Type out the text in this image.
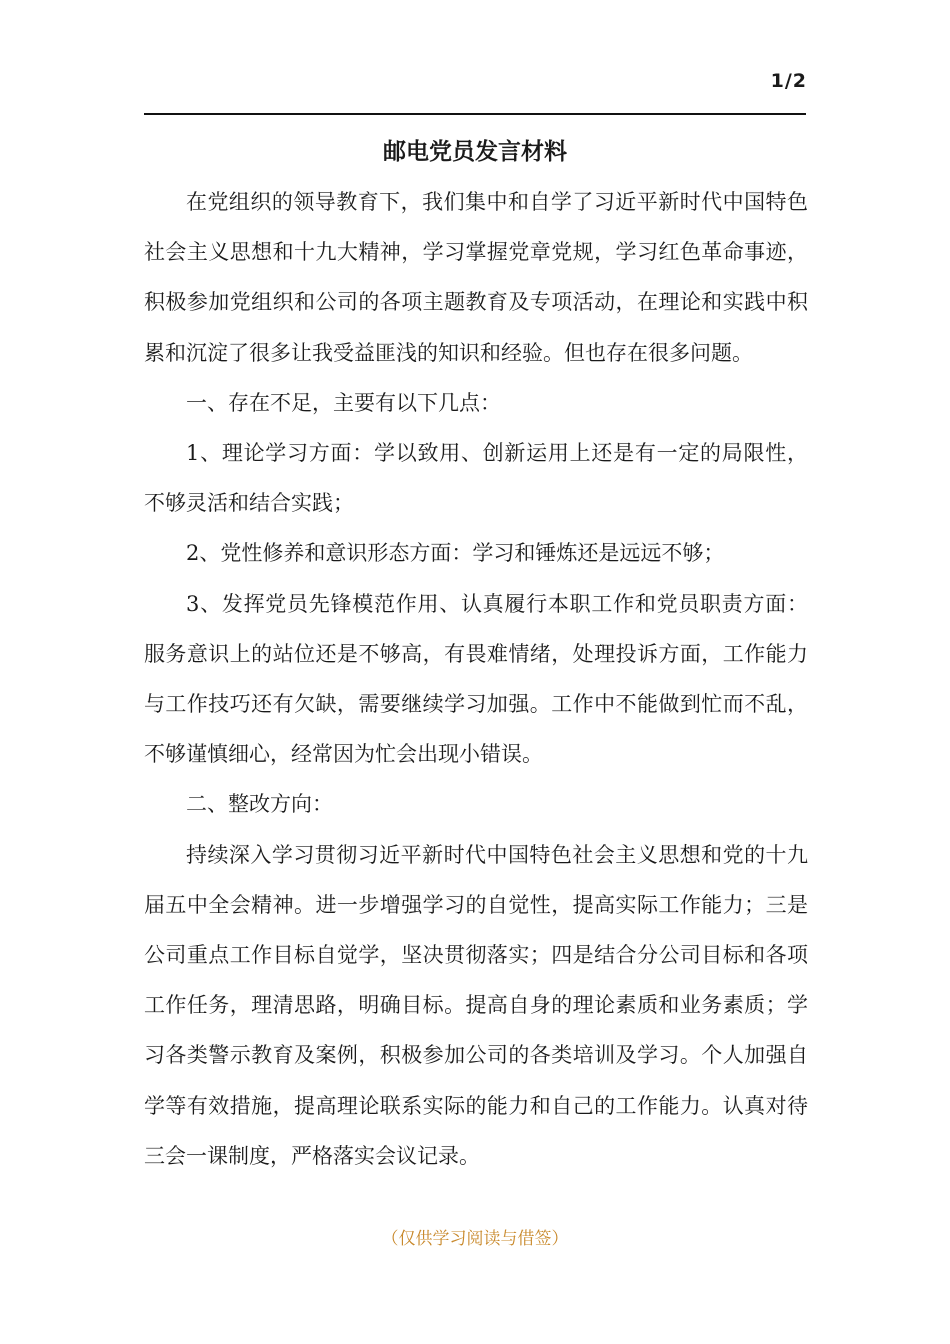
1/2
邮电党员发言材料

在党组织的领导教育下，我们集中和自学了习近平新时代中国特色社会主义思想和十九大精神，学习掌握党章党规，学习红色革命事迹，积极参加党组织和公司的各项主题教育及专项活动，在理论和实践中积累和沉淀了很多让我受益匪浅的知识和经验。但也存在很多问题。

一、存在不足，主要有以下几点：

1、理论学习方面：学以致用、创新运用上还是有一定的局限性，不够灵活和结合实践；

2、党性修养和意识形态方面：学习和锤炼还是远远不够；

3、发挥党员先锋模范作用、认真履行本职工作和党员职责方面：服务意识上的站位还是不够高，有畏难情绪，处理投诉方面，工作能力与工作技巧还有欠缺，需要继续学习加强。工作中不能做到忙而不乱，不够谨慎细心，经常因为忙会出现小错误。

二、整改方向：

持续深入学习贯彻习近平新时代中国特色社会主义思想和党的十九届五中全会精神。进一步增强学习的自觉性，提高实际工作能力；三是公司重点工作目标自觉学，坚决贯彻落实；四是结合分公司目标和各项工作任务，理清思路，明确目标。提高自身的理论素质和业务素质；学习各类警示教育及案例，积极参加公司的各类培训及学习。个人加强自学等有效措施，提高理论联系实际的能力和自己的工作能力。认真对待三会一课制度，严格落实会议记录。

（仅供学习阅读与借签）
